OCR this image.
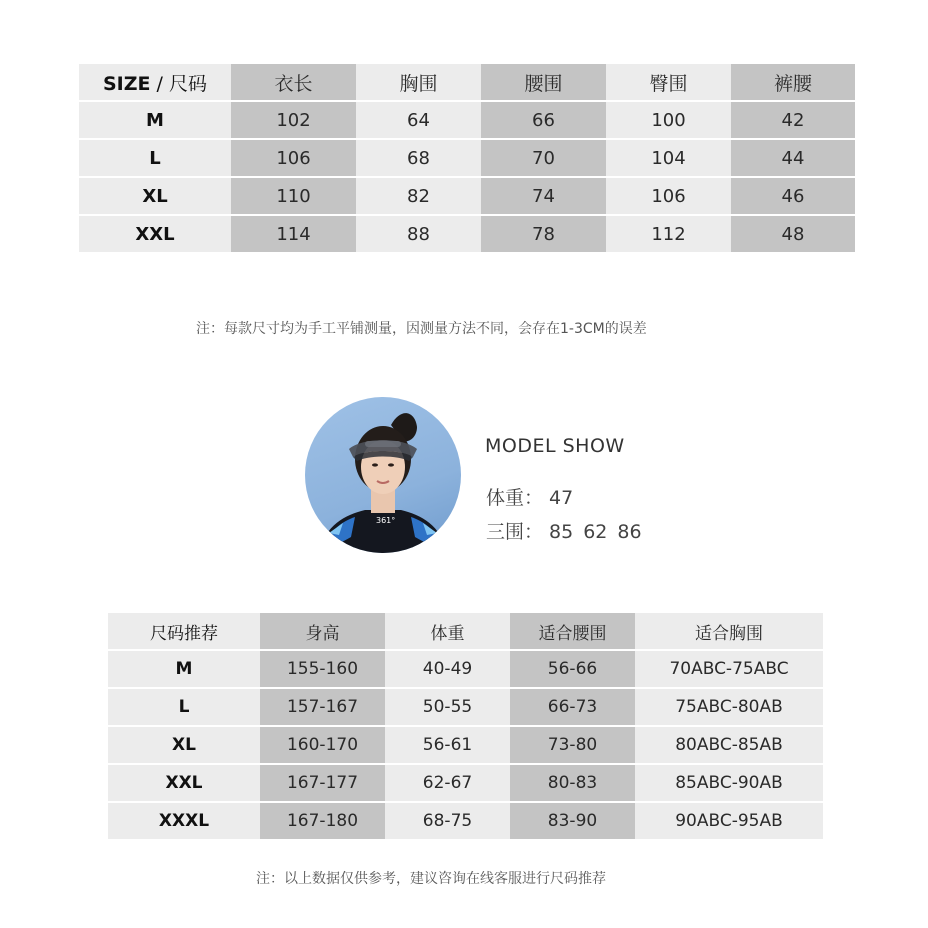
SIZE / 尺码	衣长	胸围	腰围	臀围	裤腰
M	102	64	66	100	42
L	106	68	70	104	44
XL	110	82	74	106	46
XXL	114	88	78	112	48
注：每款尺寸均为手工平铺测量，因测量方法不同，会存在1-3CM的误差
361°
MODEL SHOW
体重： 47
三围： 85 62 86
尺码推荐	身高	体重	适合腰围	适合胸围
M	155-160	40-49	56-66	70ABC-75ABC
L	157-167	50-55	66-73	75ABC-80AB
XL	160-170	56-61	73-80	80ABC-85AB
XXL	167-177	62-67	80-83	85ABC-90AB
XXXL	167-180	68-75	83-90	90ABC-95AB
注：以上数据仅供参考，建议咨询在线客服进行尺码推荐
